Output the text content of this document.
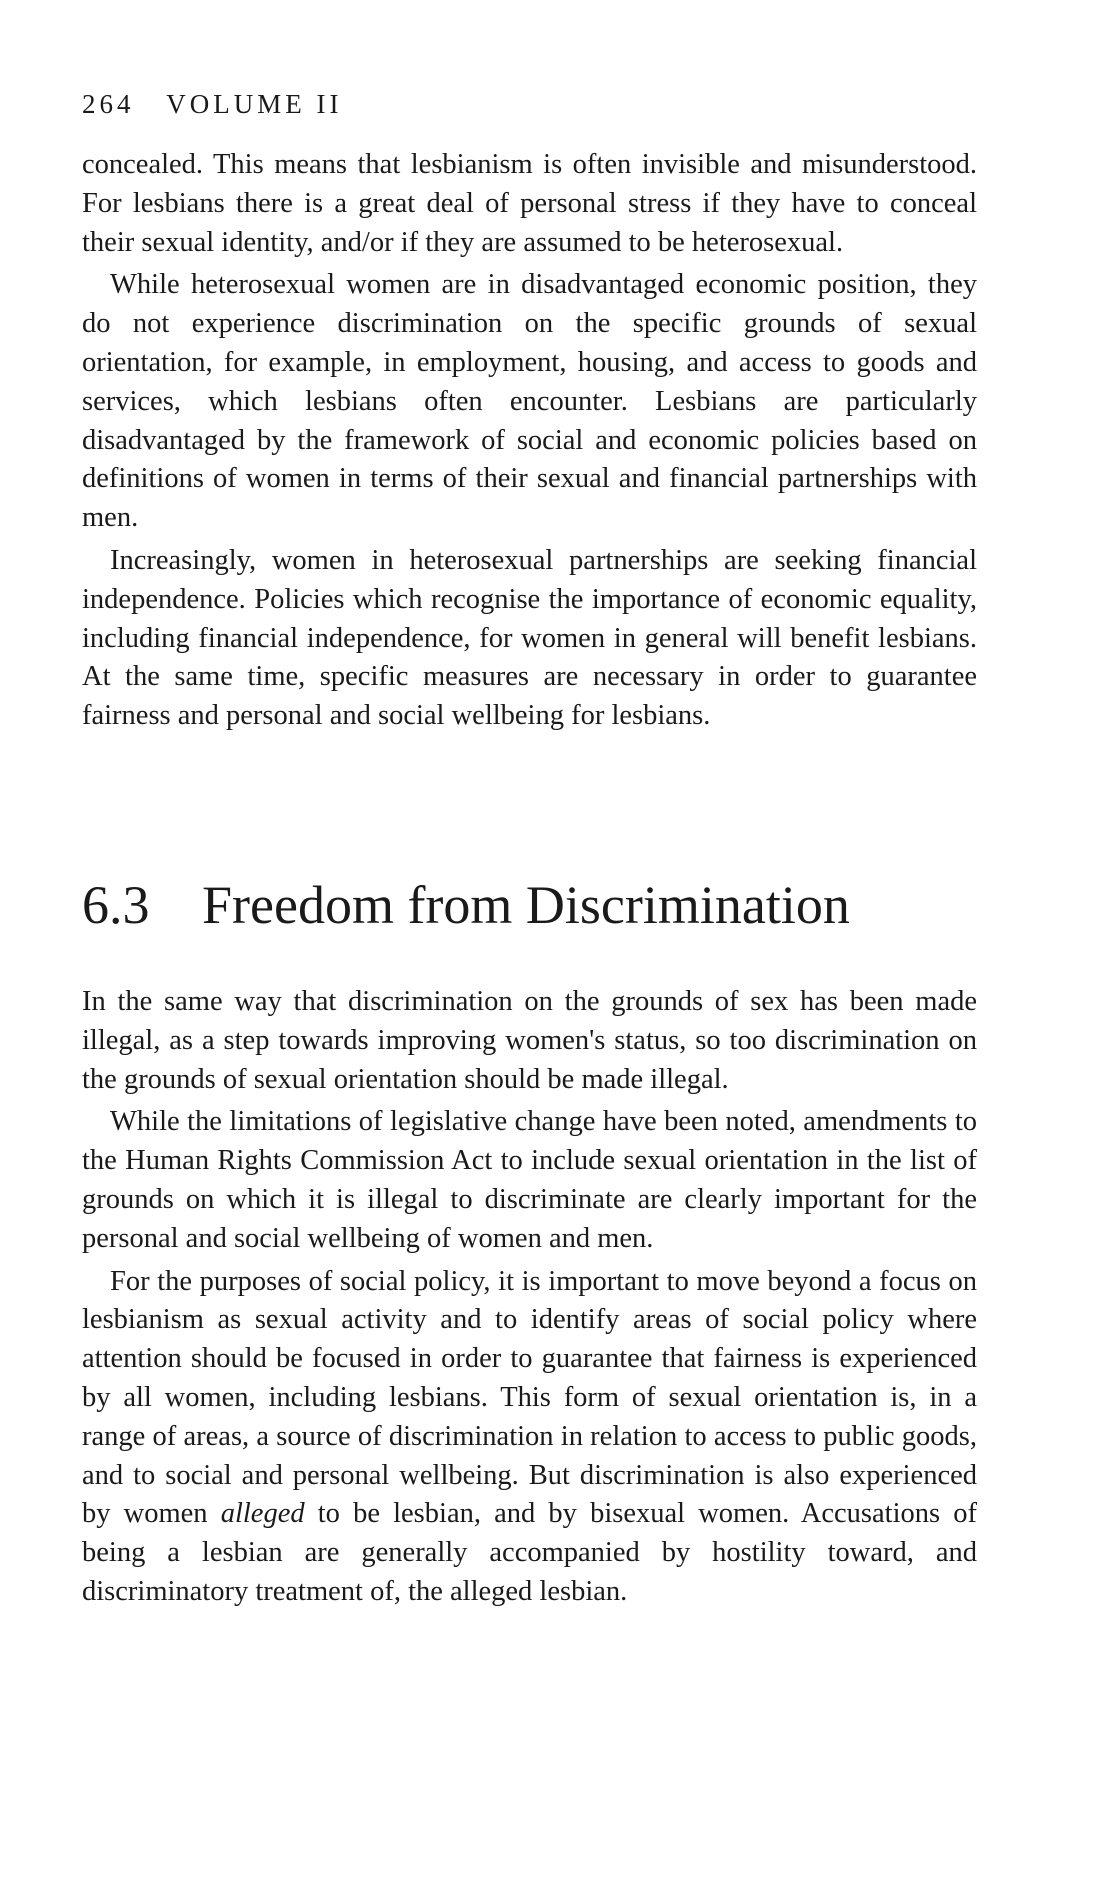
264 VOLUME II

concealed. This means that lesbianism is often invisible and misunderstood. For lesbians there is a great deal of personal stress if they have to conceal their sexual identity, and/or if they are assumed to be heterosexual.

While heterosexual women are in disadvantaged economic position, they do not experience discrimination on the specific grounds of sexual orientation, for example, in employment, housing, and access to goods and services, which lesbians often encounter. Lesbians are particularly disadvantaged by the framework of social and economic policies based on definitions of women in terms of their sexual and financial partnerships with men.

Increasingly, women in heterosexual partnerships are seeking financial independence. Policies which recognise the importance of economic equality, including financial independence, for women in general will benefit lesbians. At the same time, specific measures are necessary in order to guarantee fairness and personal and social wellbeing for lesbians.

6.3 Freedom from Discrimination

In the same way that discrimination on the grounds of sex has been made illegal, as a step towards improving women's status, so too discrimination on the grounds of sexual orientation should be made illegal.

While the limitations of legislative change have been noted, amendments to the Human Rights Commission Act to include sexual orientation in the list of grounds on which it is illegal to discriminate are clearly important for the personal and social wellbeing of women and men.

For the purposes of social policy, it is important to move beyond a focus on lesbianism as sexual activity and to identify areas of social policy where attention should be focused in order to guarantee that fairness is experienced by all women, including lesbians. This form of sexual orientation is, in a range of areas, a source of discrimination in relation to access to public goods, and to social and personal wellbeing. But discrimination is also experienced by women alleged to be lesbian, and by bisexual women. Accusations of being a lesbian are generally accompanied by hostility toward, and discriminatory treatment of, the alleged lesbian.
